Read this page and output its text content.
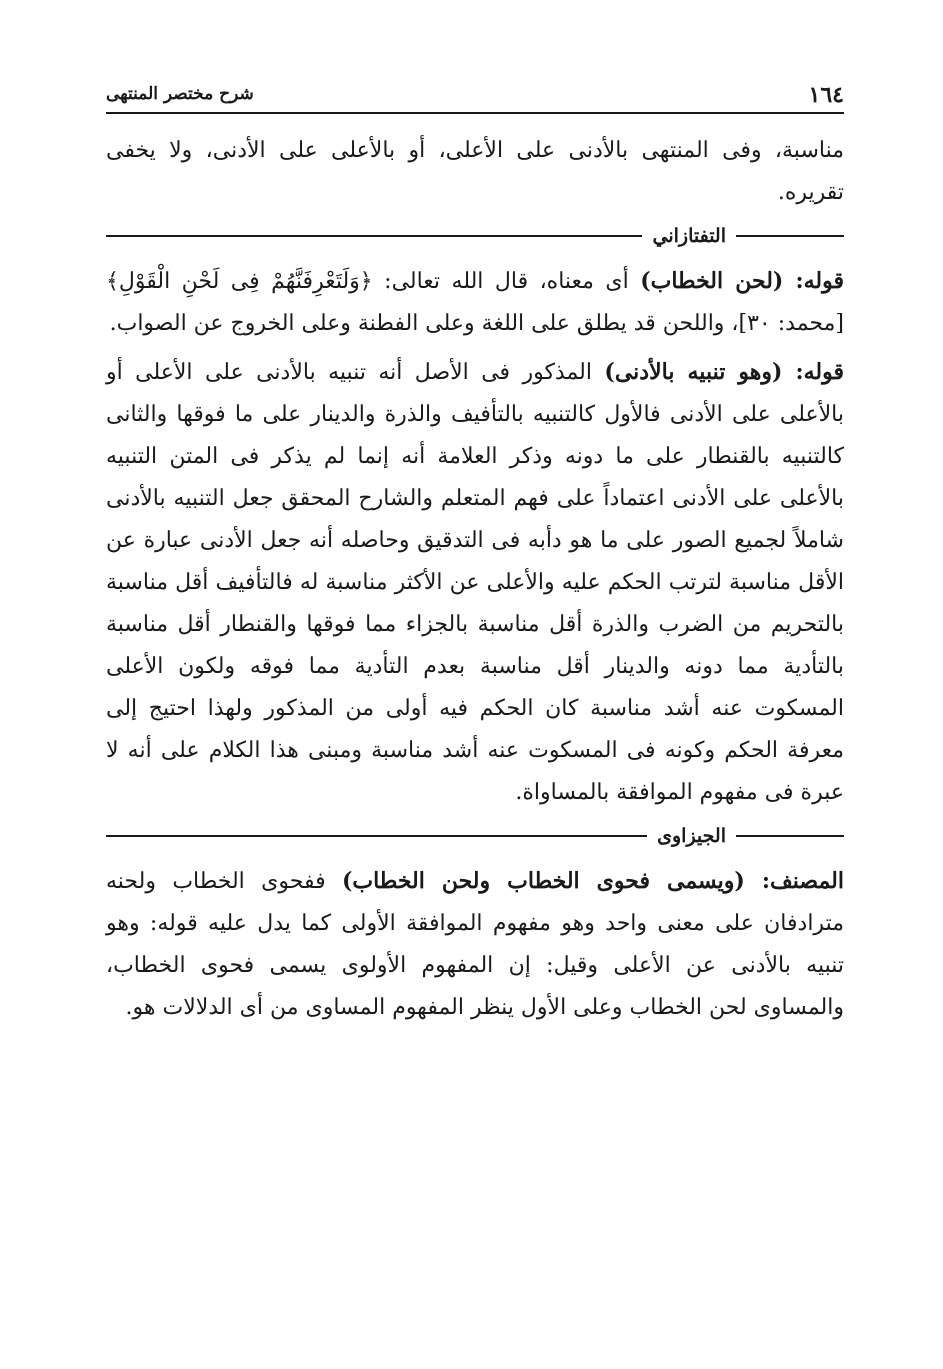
١٦٤
شرح مختصر المنتهى

مناسبة، وفى المنتهى بالأدنى على الأعلى، أو بالأعلى على الأدنى، ولا يخفى تقريره.

التفتازاني

قوله: (لحن الخطاب) أى معناه، قال الله تعالى: ﴿وَلَتَعْرِفَنَّهُمْ فِى لَحْنِ الْقَوْلِ﴾ [محمد: ٣٠]، واللحن قد يطلق على اللغة وعلى الفطنة وعلى الخروج عن الصواب.

قوله: (وهو تنبيه بالأدنى) المذكور فى الأصل أنه تنبيه بالأدنى على الأعلى أو بالأعلى على الأدنى فالأول كالتنبيه بالتأفيف والذرة والدينار على ما فوقها والثانى كالتنبيه بالقنطار على ما دونه وذكر العلامة أنه إنما لم يذكر فى المتن التنبيه بالأعلى على الأدنى اعتماداً على فهم المتعلم والشارح المحقق جعل التنبيه بالأدنى شاملاً لجميع الصور على ما هو دأبه فى التدقيق وحاصله أنه جعل الأدنى عبارة عن الأقل مناسبة لترتب الحكم عليه والأعلى عن الأكثر مناسبة له فالتأفيف أقل مناسبة بالتحريم من الضرب والذرة أقل مناسبة بالجزاء مما فوقها والقنطار أقل مناسبة بالتأدية مما دونه والدينار أقل مناسبة بعدم التأدية مما فوقه ولكون الأعلى المسكوت عنه أشد مناسبة كان الحكم فيه أولى من المذكور ولهذا احتيج إلى معرفة الحكم وكونه فى المسكوت عنه أشد مناسبة ومبنى هذا الكلام على أنه لا عبرة فى مفهوم الموافقة بالمساواة.

الجيزاوى

المصنف: (ويسمى فحوى الخطاب ولحن الخطاب) ففحوى الخطاب ولحنه مترادفان على معنى واحد وهو مفهوم الموافقة الأولى كما يدل عليه قوله: وهو تنبيه بالأدنى عن الأعلى وقيل: إن المفهوم الأولوى يسمى فحوى الخطاب، والمساوى لحن الخطاب وعلى الأول ينظر المفهوم المساوى من أى الدلالات هو.
